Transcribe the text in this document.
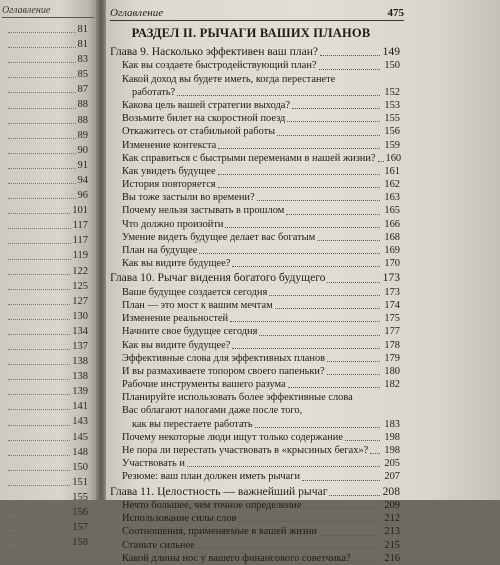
Оглавление
81
81
83
85
87
88
88
89
90
91
94
96
101
117
117
119
122
125
127
130
134
137
138
138
139
141
143
145
148
150
151
155
156
157
158
Оглавление	475
РАЗДЕЛ II. РЫЧАГИ ВАШИХ ПЛАНОВ
Глава 9. Насколько эффективен ваш план?	149
Как вы создаете быстродействующий план?	150
Какой доход вы будете иметь, когда перестанете
работать?	152
Какова цель вашей стратегии выхода?	153
Возьмите билет на скоростной поезд	155
Откажитесь от стабильной работы	156
Изменение контекста	159
Как справиться с быстрыми переменами в нашей жизни? 160
Как увидеть будущее	161
История повторяется	162
Вы тоже застыли во времени?	163
Почему нельзя застывать в прошлом	165
Что должно произойти	166
Умение видеть будущее делает вас богатым	168
План на будущее	169
Как вы видите будущее?	170
Глава 10. Рычаг видения богатого будущего	173
Ваше будущее создается сегодня	173
План — это мост к вашим мечтам	174
Изменение реальностей	175
Начните свое будущее сегодня	177
Как вы видите будущее?	178
Эффективные слова для эффективных планов	179
И вы размахиваете топором своего папеньки?	180
Рабочие инструменты вашего разума	182
Планируйте использовать более эффективные слова
Вас облагают налогами даже после того,
как вы перестаете работать	183
Почему некоторые люди ищут только содержание	198
Не пора ли перестать участвовать в «крысиных бегах»? 198
Участвовать и	205
Резюме: ваш план должен иметь рычаги	207
Глава 11. Целостность — важнейший рычаг	208
Нечто большее, чем точное определение	209
Использование силы слов	212
Соотношения, применяемые в вашей жизни	213
Станьте сильнее	215
Какой длины нос у вашего финансового советчика?	216
